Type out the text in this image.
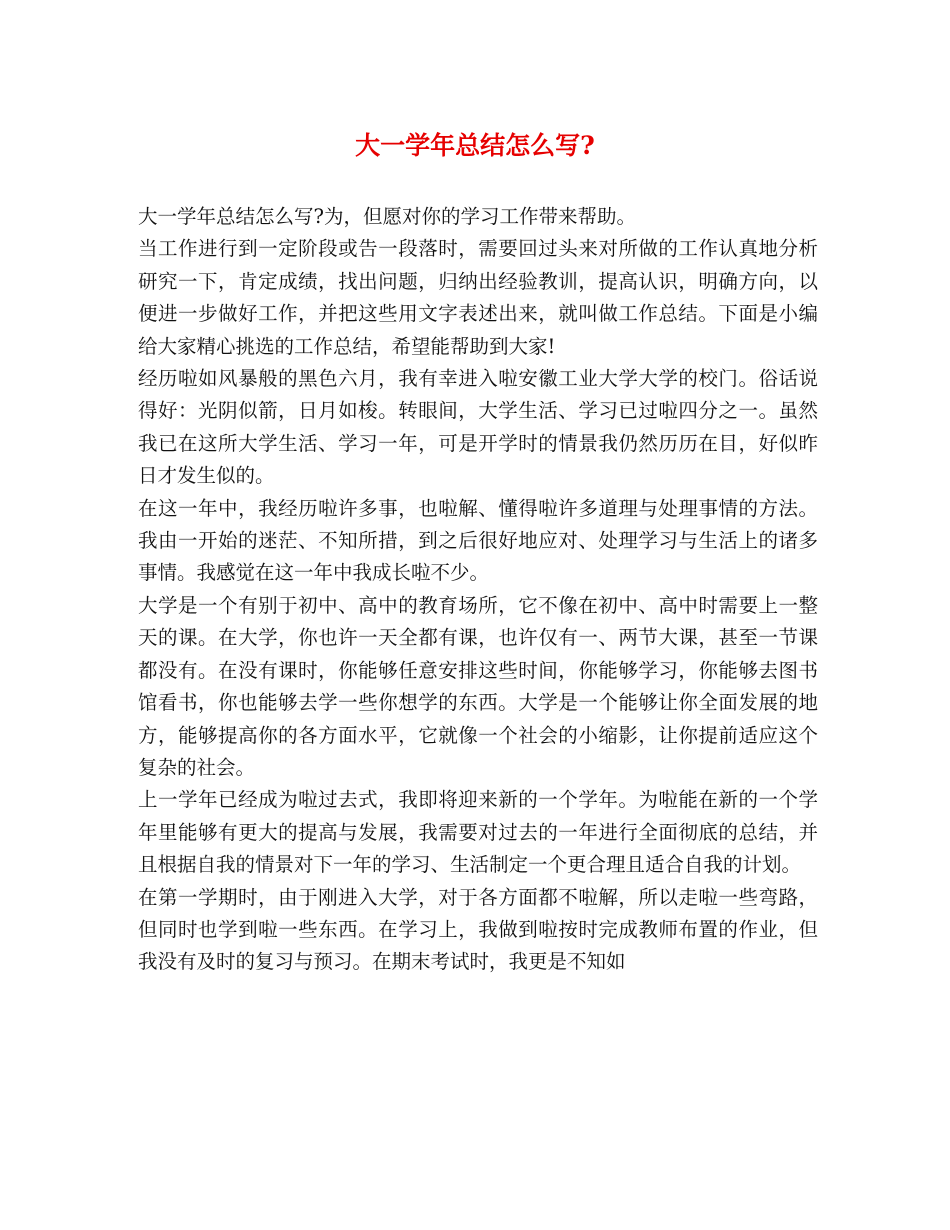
大一学年总结怎么写?

大一学年总结怎么写?为，但愿对你的学习工作带来帮助。

当工作进行到一定阶段或告一段落时，需要回过头来对所做的工作认真地分析研究一下，肯定成绩，找出问题，归纳出经验教训，提高认识，明确方向，以便进一步做好工作，并把这些用文字表述出来，就叫做工作总结。下面是小编给大家精心挑选的工作总结，希望能帮助到大家!

经历啦如风暴般的黑色六月，我有幸进入啦安徽工业大学大学的校门。俗话说得好：光阴似箭，日月如梭。转眼间，大学生活、学习已过啦四分之一。虽然我已在这所大学生活、学习一年，可是开学时的情景我仍然历历在目，好似昨日才发生似的。

在这一年中，我经历啦许多事，也啦解、懂得啦许多道理与处理事情的方法。我由一开始的迷茫、不知所措，到之后很好地应对、处理学习与生活上的诸多事情。我感觉在这一年中我成长啦不少。

大学是一个有别于初中、高中的教育场所，它不像在初中、高中时需要上一整天的课。在大学，你也许一天全都有课，也许仅有一、两节大课，甚至一节课都没有。在没有课时，你能够任意安排这些时间，你能够学习，你能够去图书馆看书，你也能够去学一些你想学的东西。大学是一个能够让你全面发展的地方，能够提高你的各方面水平，它就像一个社会的小缩影，让你提前适应这个复杂的社会。

上一学年已经成为啦过去式，我即将迎来新的一个学年。为啦能在新的一个学年里能够有更大的提高与发展，我需要对过去的一年进行全面彻底的总结，并且根据自我的情景对下一年的学习、生活制定一个更合理且适合自我的计划。

在第一学期时，由于刚进入大学，对于各方面都不啦解，所以走啦一些弯路，但同时也学到啦一些东西。在学习上，我做到啦按时完成教师布置的作业，但我没有及时的复习与预习。在期末考试时，我更是不知如
